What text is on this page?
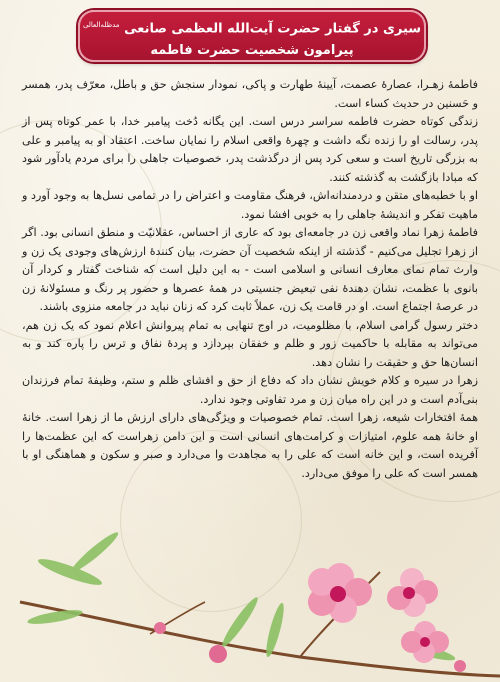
سیری در گفتار حضرت آیت‌الله العظمی صانعی $^{مدظله‌العالی}$
پیرامون شخصیت حضرت فاطمه

فاطمهٔ زهـرا، عصارهٔ عصمت، آیینهٔ طهارت و پاکی، نمودار سنجش حق و باطل، معرّف پدر، همسر و حَسنین در حدیث کساء است.

زندگی کوتاه حضرت فاطمه سراسر درس است. این یگانه دُخت پیامبر خدا، با عمر کوتاه پس از پدر، رسالت او را زنده نگه داشت و چهرهٔ واقعی اسلام را نمایان ساخت. اعتقاد او به پیامبر و علی به بزرگی تاریخ است و سعی کرد پس از درگذشت پدر، خصوصیات جاهلی را برای مردم یادآور شود که مبادا بازگشت به گذشته کنند.

او با خطبه‌های متقن و دردمندانه‌اش، فرهنگ مقاومت و اعتراض را در تمامی نسل‌ها به وجود آورد و ماهیت تفکر و اندیشهٔ جاهلی را به خوبی افشا نمود.

فاطمهٔ زهرا نماد واقعی زن در جامعه‌ای بود که عاری از احساس، عقلانیّت و منطق انسانی بود. اگر از زهرا تجلیل می‌کنیم - گذشته از اینکه شخصیت آن حضرت، بیان کنندهٔ ارزش‌های وجودی یک زن و وارث تمام نمای معارف انسانی و اسلامی است - به این دلیل است که شناخت گفتار و کردار آن بانوی با عظمت، نشان دهندهٔ نفی تبعیض جنسیتی در همهٔ عصرها و حضور پر رنگ و مسئولانهٔ زن در عرصهٔ اجتماع است. او در قامت یک زن، عملاً ثابت کرد که زنان نباید در جامعه منزوی باشند.

دختر رسول گرامی اسلام، با مظلومیت، در اوج تنهایی به تمام پیروانش اعلام نمود که یک زن هم، می‌تواند به مقابله با حاکمیت زور و ظلم و خفقان بپردازد و پردهٔ نفاق و ترس را پاره کند و به انسان‌ها حق و حقیقت را نشان دهد.

زهرا در سیره و کلام خویش نشان داد که دفاع از حق و افشای ظلم و ستم، وظیفهٔ تمام فرزندان بنی‌آدم است و در این راه میان زن و مرد تفاوتی وجود ندارد.

همهٔ افتخارات شیعه، زهرا است. تمام خصوصیات و ویژگی‌های دارای ارزش ما از زهرا است. خانهٔ او خانهٔ همه علوم، امتیازات و کرامت‌های انسانی است و این دامن زهراست که این عظمت‌ها را آفریده است، و این خانه است که علی را به مجاهدت وا می‌دارد و صبر و سکون و هماهنگی او با همسر است که علی را موفق می‌دارد.
